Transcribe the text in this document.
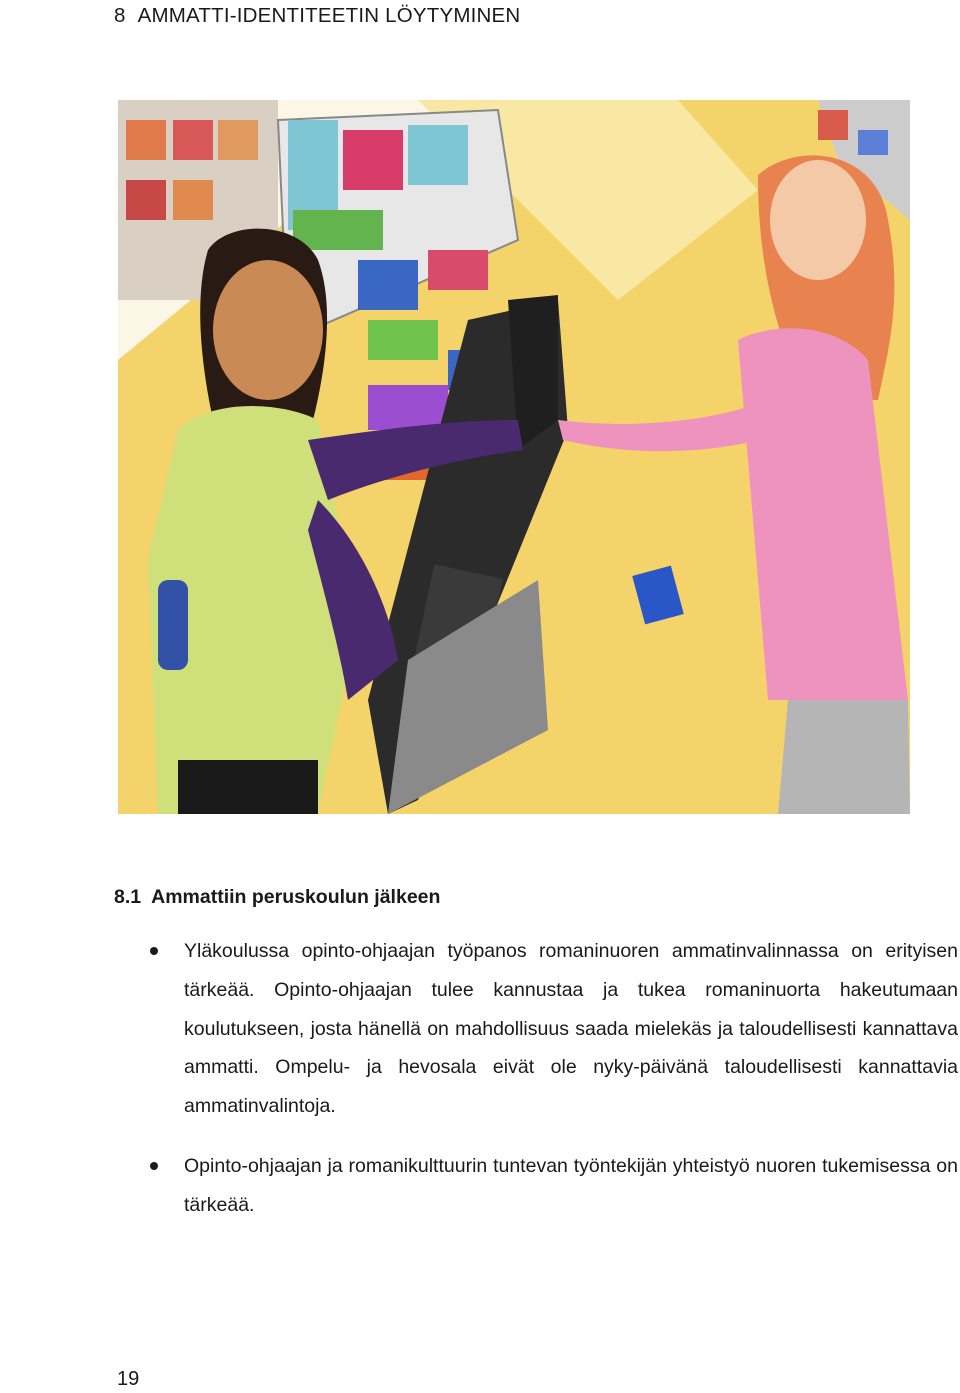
8 AMMATTI-IDENTITEETIN LÖYTYMINEN
8.1 Ammattiin peruskoulun jälkeen
Yläkoulussa opinto-ohjaajan työpanos romaninuoren ammatinvalinnassa on erityisen tärkeää. Opinto-ohjaajan tulee kannustaa ja tukea romaninuorta hakeutumaan koulutukseen, josta hänellä on mahdollisuus saada mielekäs ja taloudellisesti kannattava ammatti. Ompelu- ja hevosala eivät ole nyky-päivänä taloudellisesti kannattavia ammatinvalintoja.
Opinto-ohjaajan ja romanikulttuurin tuntevan työntekijän yhteistyö nuoren tukemisessa on tärkeää.
19
